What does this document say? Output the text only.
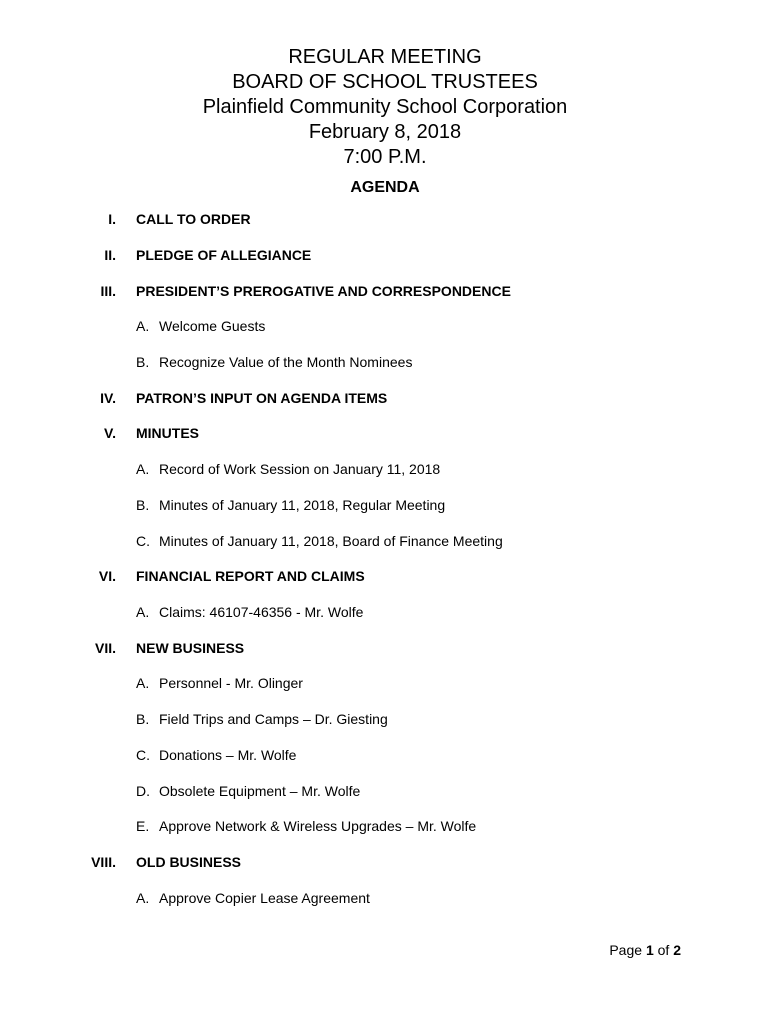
REGULAR MEETING
BOARD OF SCHOOL TRUSTEES
Plainfield Community School Corporation
February 8, 2018
7:00 P.M.
AGENDA
I. CALL TO ORDER
II. PLEDGE OF ALLEGIANCE
III. PRESIDENT’S PREROGATIVE AND CORRESPONDENCE
A. Welcome Guests
B. Recognize Value of the Month Nominees
IV. PATRON’S INPUT ON AGENDA ITEMS
V. MINUTES
A. Record of Work Session on January 11, 2018
B. Minutes of January 11, 2018, Regular Meeting
C. Minutes of January 11, 2018, Board of Finance Meeting
VI. FINANCIAL REPORT AND CLAIMS
A. Claims: 46107-46356 - Mr. Wolfe
VII. NEW BUSINESS
A. Personnel - Mr. Olinger
B. Field Trips and Camps – Dr. Giesting
C. Donations – Mr. Wolfe
D. Obsolete Equipment – Mr. Wolfe
E. Approve Network & Wireless Upgrades – Mr. Wolfe
VIII. OLD BUSINESS
A. Approve Copier Lease Agreement
Page 1 of 2
